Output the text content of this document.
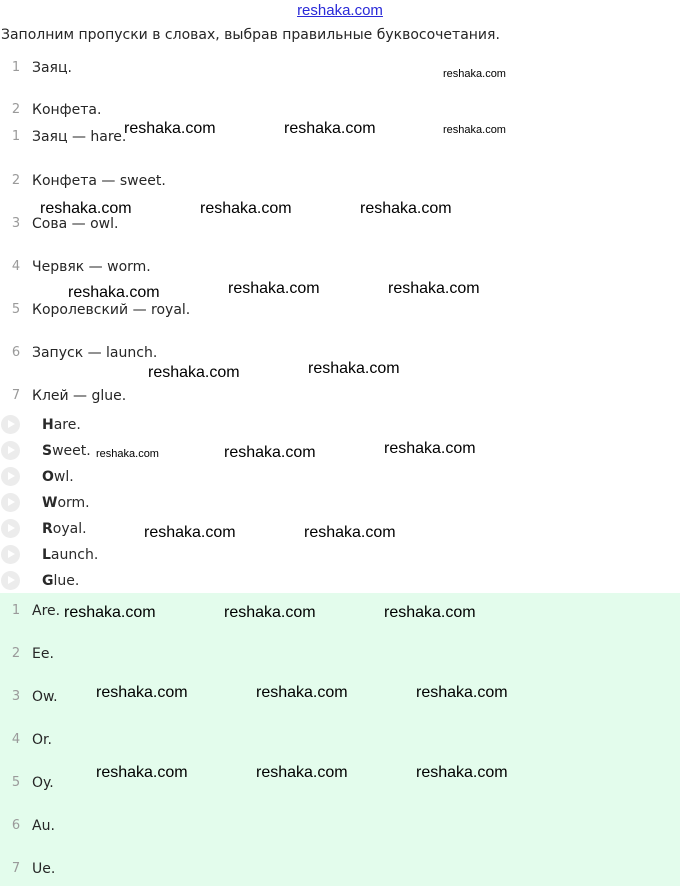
reshaka.com
Заполним пропуски в словах, выбрав правильные буквосочетания.
1 Заяц.
2 Конфета.
1 Заяц — hare.
2 Конфета — sweet.
3 Сова — owl.
4 Червяк — worm.
5 Королевский — royal.
6 Запуск — launch.
7 Клей — glue.
Hare.
Sweet.
Owl.
Worm.
Royal.
Launch.
Glue.
1 Are.
2 Ee.
3 Ow.
4 Or.
5 Oy.
6 Au.
7 Ue.
reshaka.com
reshaka.com	reshaka.com	reshaka.com
reshaka.com	reshaka.com	reshaka.com
reshaka.com	reshaka.com	reshaka.com
reshaka.com	reshaka.com
reshaka.com	reshaka.com	reshaka.com
reshaka.com	reshaka.com
reshaka.com	reshaka.com	reshaka.com
reshaka.com	reshaka.com	reshaka.com
reshaka.com	reshaka.com	reshaka.com
